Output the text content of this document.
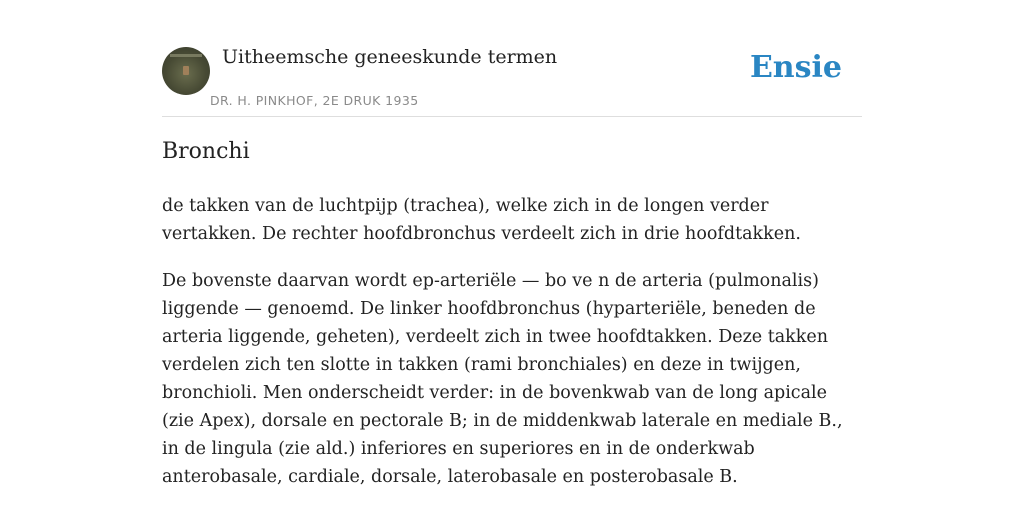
Uitheemsche geneeskunde termen
DR. H. PINKHOF, 2E DRUK 1935
Ensie
Bronchi

de takken van de luchtpijp (trachea), welke zich in de longen verder vertakken. De rechter hoofdbronchus verdeelt zich in drie hoofdtakken.

De bovenste daarvan wordt ep-arteriële — bo ve n de arteria (pulmonalis) liggende — genoemd. De linker hoofdbronchus (hyparteriële, beneden de arteria liggende, geheten), verdeelt zich in twee hoofdtakken. Deze takken verdelen zich ten slotte in takken (rami bronchiales) en deze in twijgen, bronchioli. Men onderscheidt verder: in de bovenkwab van de long apicale (zie Apex), dorsale en pectorale B; in de middenkwab laterale en mediale B., in de lingula (zie ald.) inferiores en superiores en in de onderkwab anterobasale, cardiale, dorsale, laterobasale en posterobasale B.
